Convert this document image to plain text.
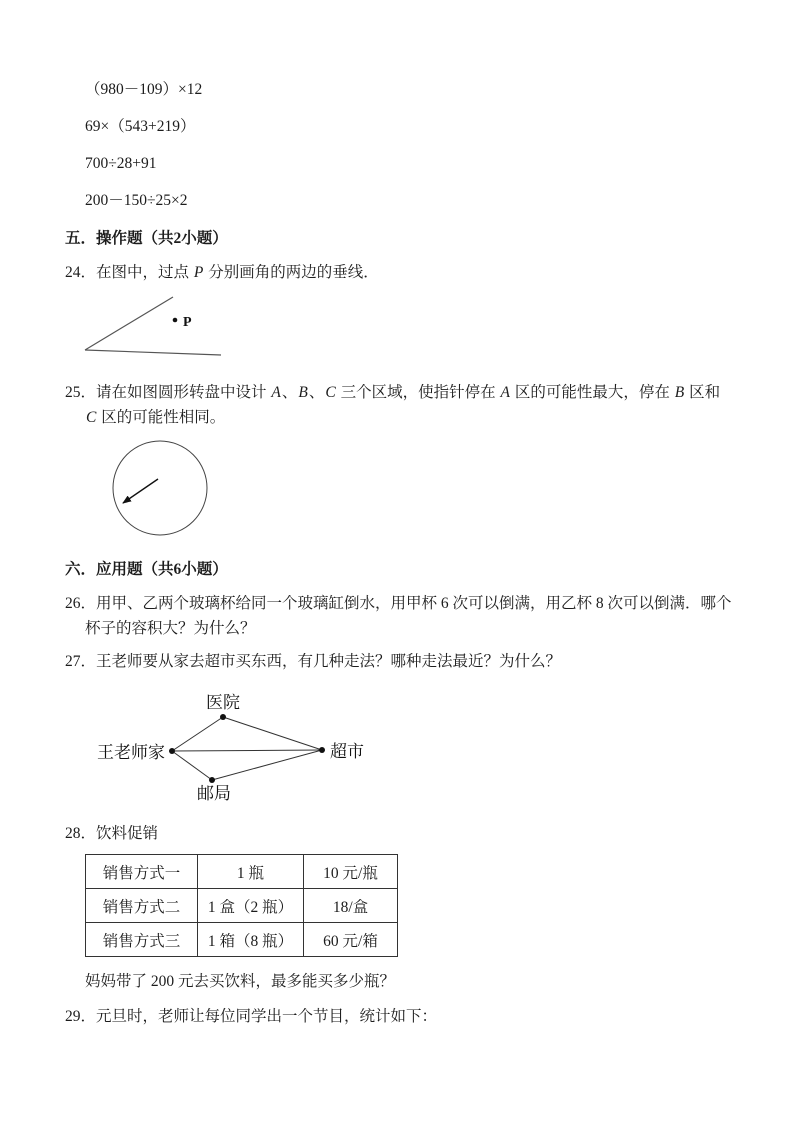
（980－109）×12
69×（543+219）
700÷28+91
200－150÷25×2
五．操作题（共2小题）
24．在图中，过点 P 分别画角的两边的垂线．
P
25．请在如图圆形转盘中设计 A、B、C 三个区域，使指针停在 A 区的可能性最大，停在 B 区和 C 区的可能性相同。
六．应用题（共6小题）
26．用甲、乙两个玻璃杯给同一个玻璃缸倒水，用甲杯 6 次可以倒满，用乙杯 8 次可以倒满．哪个杯子的容积大？为什么？
27．王老师要从家去超市买东西，有几种走法？哪种走法最近？为什么？
医院
王老师家	超市
邮局
28．饮料促销
销售方式一	1 瓶	10 元/瓶
销售方式二	1 盒（2 瓶）	18/盒
销售方式三	1 箱（8 瓶）	60 元/箱
妈妈带了 200 元去买饮料，最多能买多少瓶？
29．元旦时，老师让每位同学出一个节目，统计如下：
